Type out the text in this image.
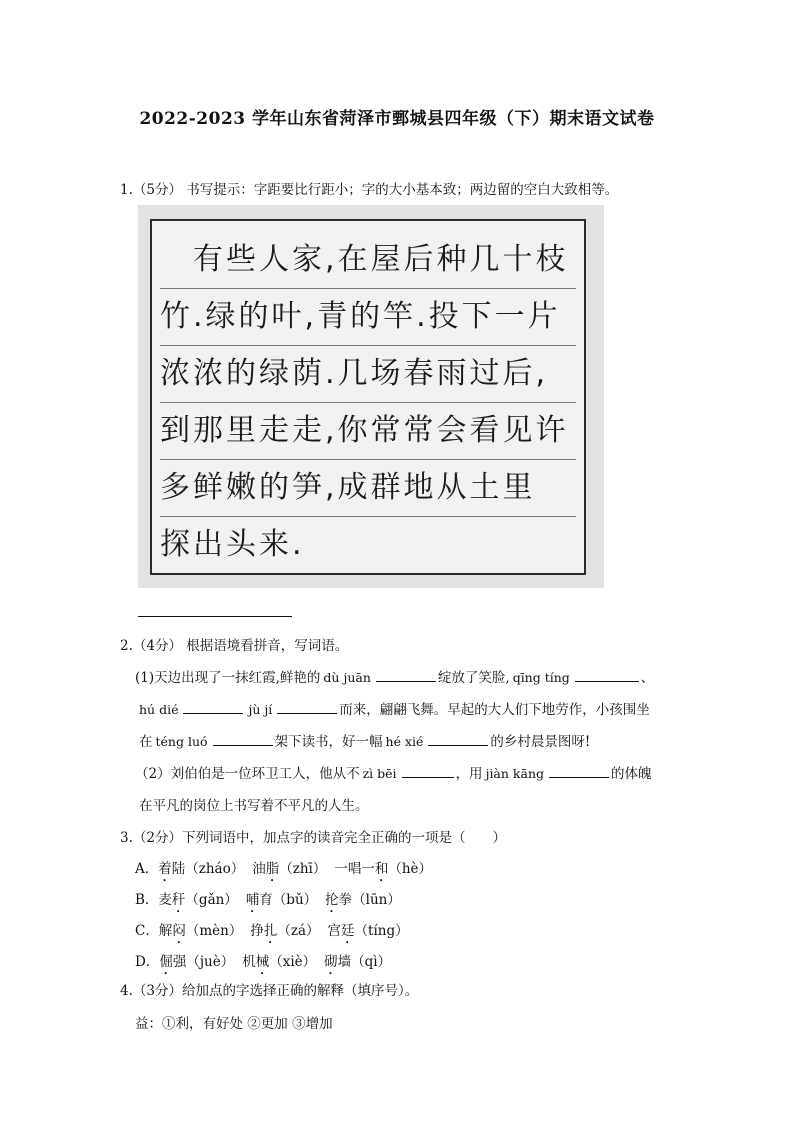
2022-2023 学年山东省菏泽市鄄城县四年级（下）期末语文试卷
1.（5分） 书写提示：字距要比行距小；字的大小基本致；两边留的空白大致相等。
　有些人家,在屋后种几十枝
竹.绿的叶,青的竿.投下一片
浓浓的绿荫.几场春雨过后,
到那里走走,你常常会看见许
多鲜嫩的笋,成群地从土里
探出头来.
2.（4分） 根据语境看拼音，写词语。
(1)天边出现了一抹红霞,鲜艳的 dù juān	绽放了笑脸, qīng tíng	、
hú dié	jù jí	而来，翩翩飞舞。早起的大人们下地劳作，小孩围坐
在 téng luó	架下读书，好一幅 hé xié	的乡村晨景图呀!
（2）刘伯伯是一位环卫工人，他从不 zì bēi	，用 jiàn kāng	的体魄
在平凡的岗位上书写着不平凡的人生。
3.（2分）下列词语中，加点字的读音完全正确的一项是（　　）
A．着陆（zháo） 油脂（zhī） 一唱一和（hè）
B．麦秆（gǎn） 哺育（bǔ） 抡拳（lūn）
C．解闷（mèn） 挣扎（zá） 宫廷（tíng）
D．倔强（juè） 机械（xiè） 砌墙（qì）
4.（3分）给加点的字选择正确的解释（填序号）。
益：①利，有好处 ②更加 ③增加
